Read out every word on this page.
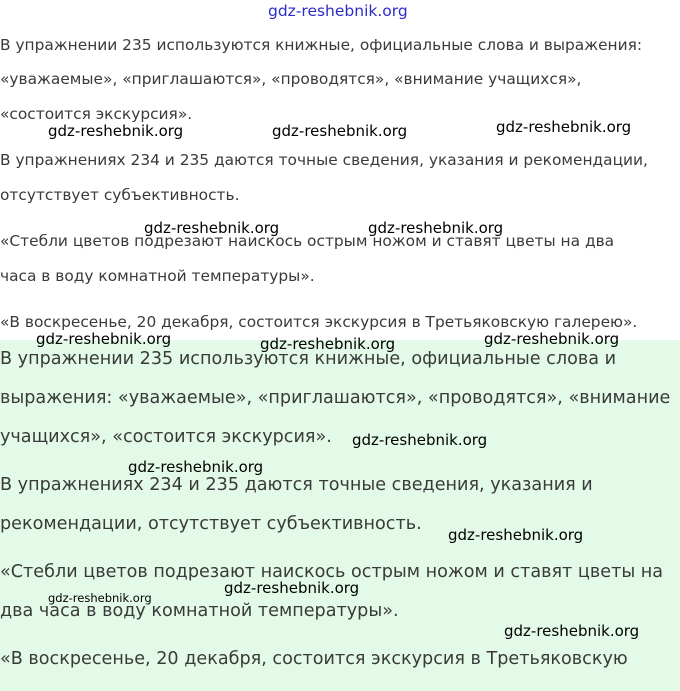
В упражнении 235 используются книжные, официальные слова и выражения:
«уважаемые», «приглашаются», «проводятся», «внимание учащихся»,
«состоится экскурсия».
В упражнениях 234 и 235 даются точные сведения, указания и рекомендации,
отсутствует субъективность.
«Стебли цветов подрезают наискось острым ножом и ставят цветы на два
часа в воду комнатной температуры».
«В воскресенье, 20 декабря, состоится экскурсия в Третьяковскую галерею».
В упражнении 235 используются книжные, официальные слова и
выражения: «уважаемые», «приглашаются», «проводятся», «внимание
учащихся», «состоится экскурсия».
В упражнениях 234 и 235 даются точные сведения, указания и
рекомендации, отсутствует субъективность.
«Стебли цветов подрезают наискось острым ножом и ставят цветы на
два часа в воду комнатной температуры».
«В воскресенье, 20 декабря, состоится экскурсия в Третьяковскую
gdz-reshebnik.org
gdz-reshebnik.org	gdz-reshebnik.org	gdz-reshebnik.org
gdz-reshebnik.org	gdz-reshebnik.org
gdz-reshebnik.org	gdz-reshebnik.org	gdz-reshebnik.org
gdz-reshebnik.org
gdz-reshebnik.org
gdz-reshebnik.org
gdz-reshebnik.org
gdz-reshebnik.org
gdz-reshebnik.org
